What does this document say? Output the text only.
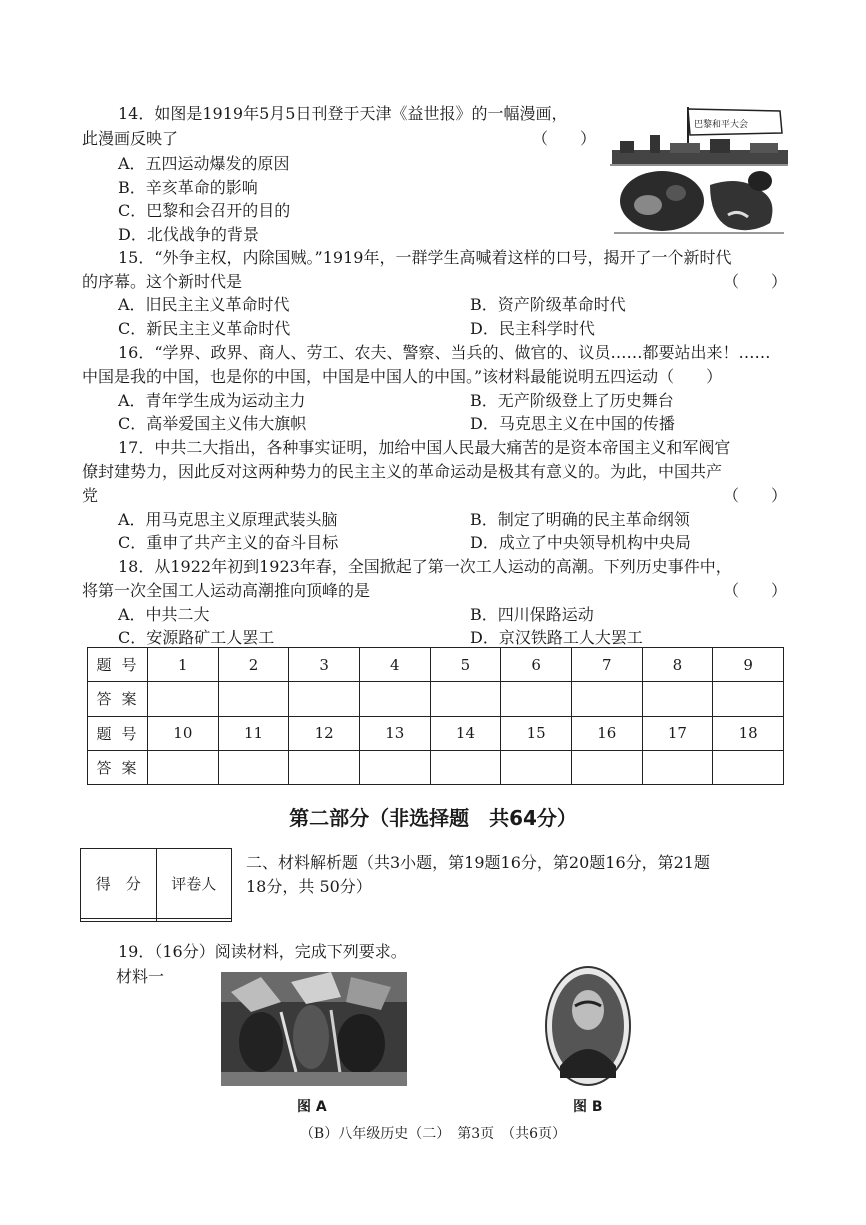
14．如图是1919年5月5日刊登于天津《益世报》的一幅漫画，
此漫画反映了	（　　）
A．五四运动爆发的原因
B．辛亥革命的影响
C．巴黎和会召开的目的
D．北伐战争的背景
巴黎和平大会
15．“外争主权，内除国贼。”1919年，一群学生高喊着这样的口号，揭开了一个新时代
的序幕。这个新时代是	（　　）
A．旧民主主义革命时代	B．资产阶级革命时代
C．新民主主义革命时代	D．民主科学时代
16．“学界、政界、商人、劳工、农夫、警察、当兵的、做官的、议员……都要站出来！……
中国是我的中国，也是你的中国，中国是中国人的中国。”该材料最能说明五四运动（　　）
A．青年学生成为运动主力	B．无产阶级登上了历史舞台
C．高举爱国主义伟大旗帜	D．马克思主义在中国的传播
17．中共二大指出，各种事实证明，加给中国人民最大痛苦的是资本帝国主义和军阀官
僚封建势力，因此反对这两种势力的民主主义的革命运动是极其有意义的。为此，中国共产
党	（　　）
A．用马克思主义原理武装头脑	B．制定了明确的民主革命纲领
C．重申了共产主义的奋斗目标	D．成立了中央领导机构中央局
18．从1922年初到1923年春，全国掀起了第一次工人运动的高潮。下列历史事件中，
将第一次全国工人运动高潮推向顶峰的是	（　　）
A．中共二大	B．四川保路运动
C．安源路矿工人罢工	D．京汉铁路工人大罢工
题号	1	2	3	4	5	6	7	8	9
答案									
题号	10	11	12	13	14	15	16	17	18
答案									
第二部分（非选择题　共64分）
得　分	评卷人

二、材料解析题（共3小题，第19题16分，第20题16分，第21题
18分，共 50分）
19．（16分）阅读材料，完成下列要求。
材料一
图 A	图 B
（B）八年级历史（二）　第3页　（共6页）
